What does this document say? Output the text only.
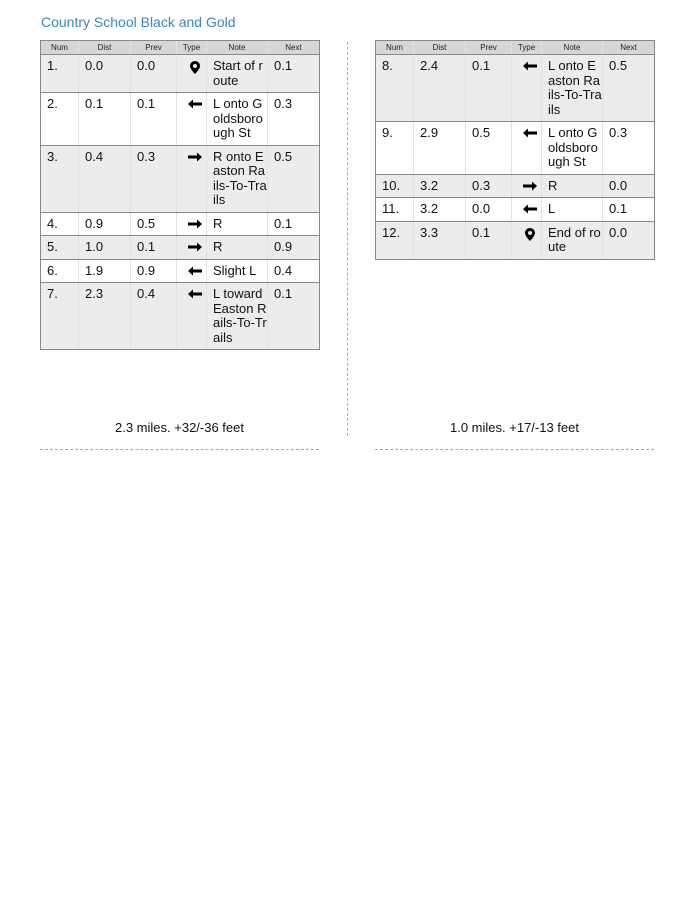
Country School Black and Gold
Num	Dist	Prev	Type	Note	Next
1.	0.0	0.0		Start of route	0.1
2.	0.1	0.1		L onto Goldsborough St	0.3
3.	0.4	0.3		R onto Easton Rails-To-Trails	0.5
4.	0.9	0.5		R	0.1
5.	1.0	0.1		R	0.9
6.	1.9	0.9		Slight L	0.4
7.	2.3	0.4		L toward Easton Rails-To-Trails	0.1
Num	Dist	Prev	Type	Note	Next
8.	2.4	0.1		L onto Easton Rails-To-Trails	0.5
9.	2.9	0.5		L onto Goldsborough St	0.3
10.	3.2	0.3		R	0.0
11.	3.2	0.0		L	0.1
12.	3.3	0.1		End of route	0.0
2.3 miles. +32/-36 feet	1.0 miles. +17/-13 feet
